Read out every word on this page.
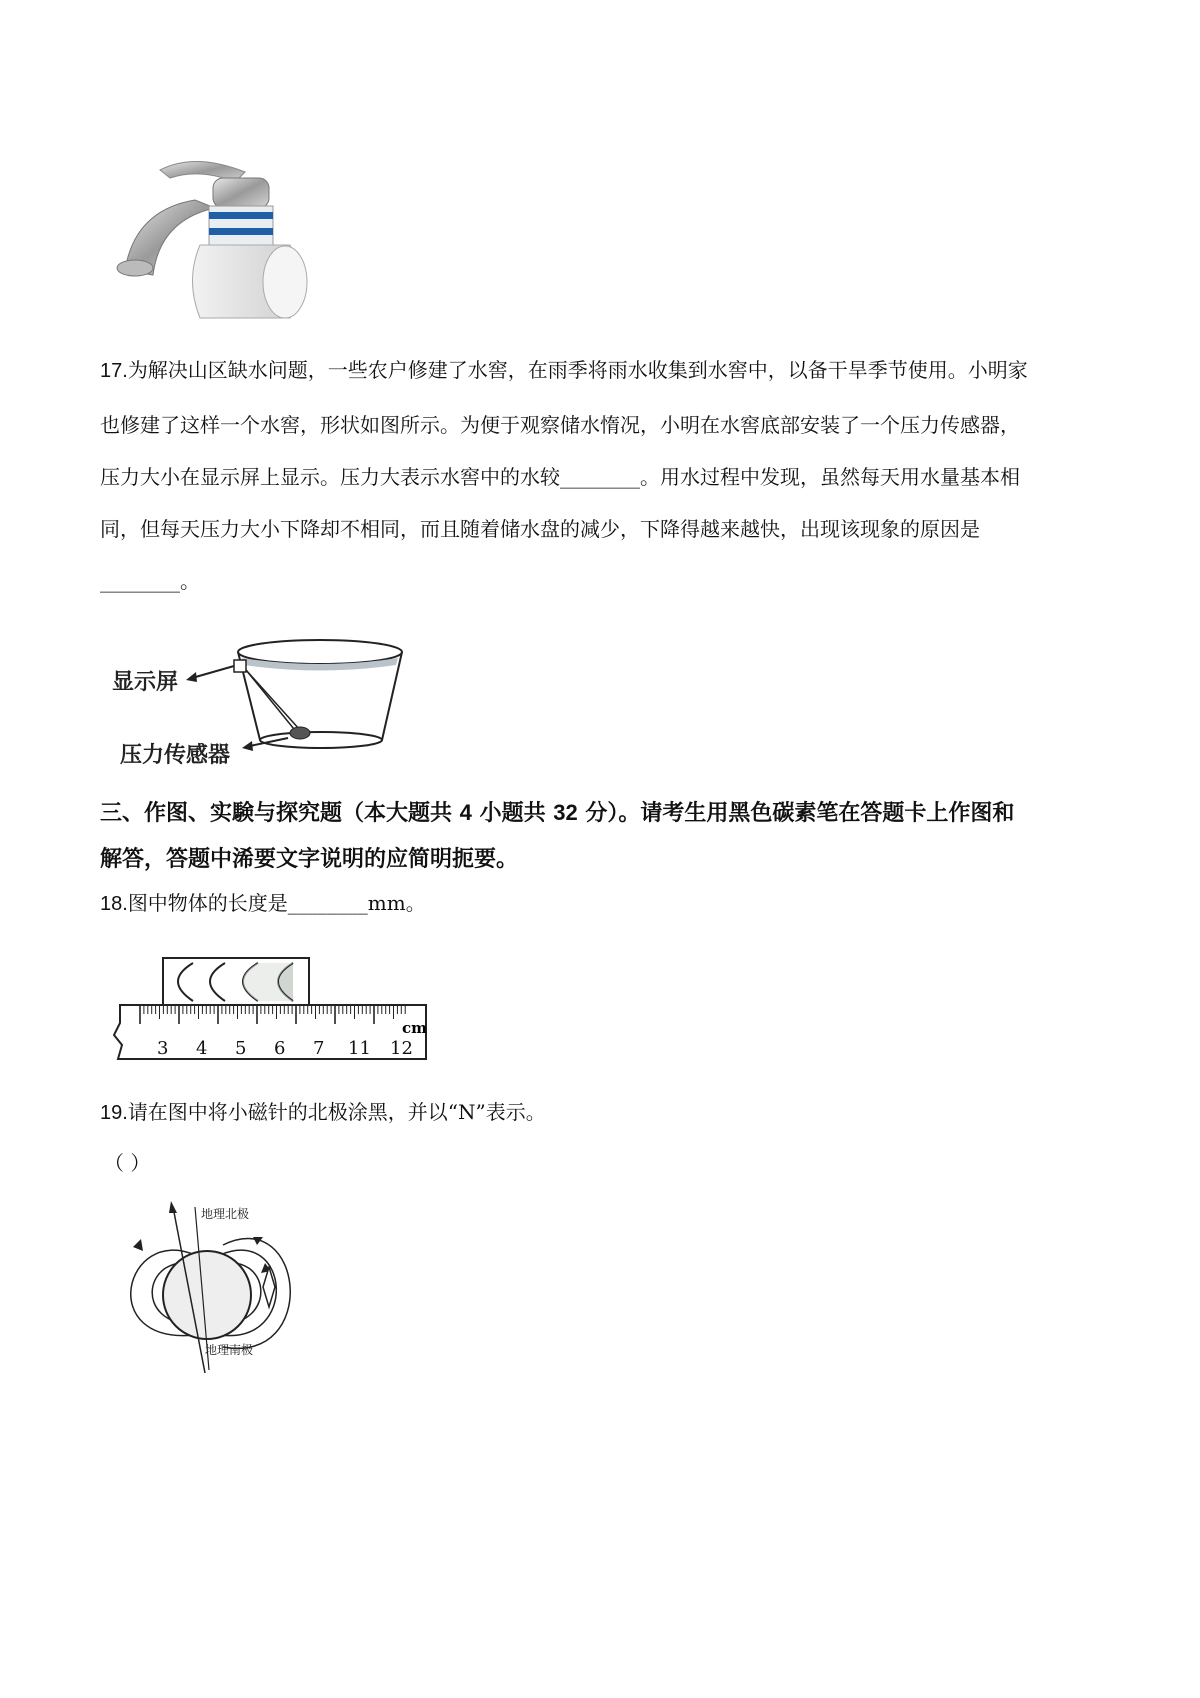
17.为解决山区缺水问题，一些农户修建了水窖，在雨季将雨水收集到水窖中，以备干旱季节使用。小明家
也修建了这样一个水窖，形状如图所示。为便于观察储水惰况，小明在水窖底部安装了一个压力传感器，
压力大小在显示屏上显示。压力大表示水窖中的水较________。用水过程中发现，虽然每天用水量基本相
同，但每天压力大小下降却不相同，而且随着储水盘的减少，下降得越来越快，出现该现象的原因是
________。
显示屏
压力传感器
三、作图、实験与探究题（本大题共 4 小题共 32 分）。请考生用黑色碳素笔在答题卡上作图和
解答，答题中浠要文字说明的应简明扼要。
18.图中物体的长度是________mm。
3 4 5 6 7 11 12
cm
19.请在图中将小磁针的北极涂黑，并以“N”表示。
（ ）
地理北极
地理南极
